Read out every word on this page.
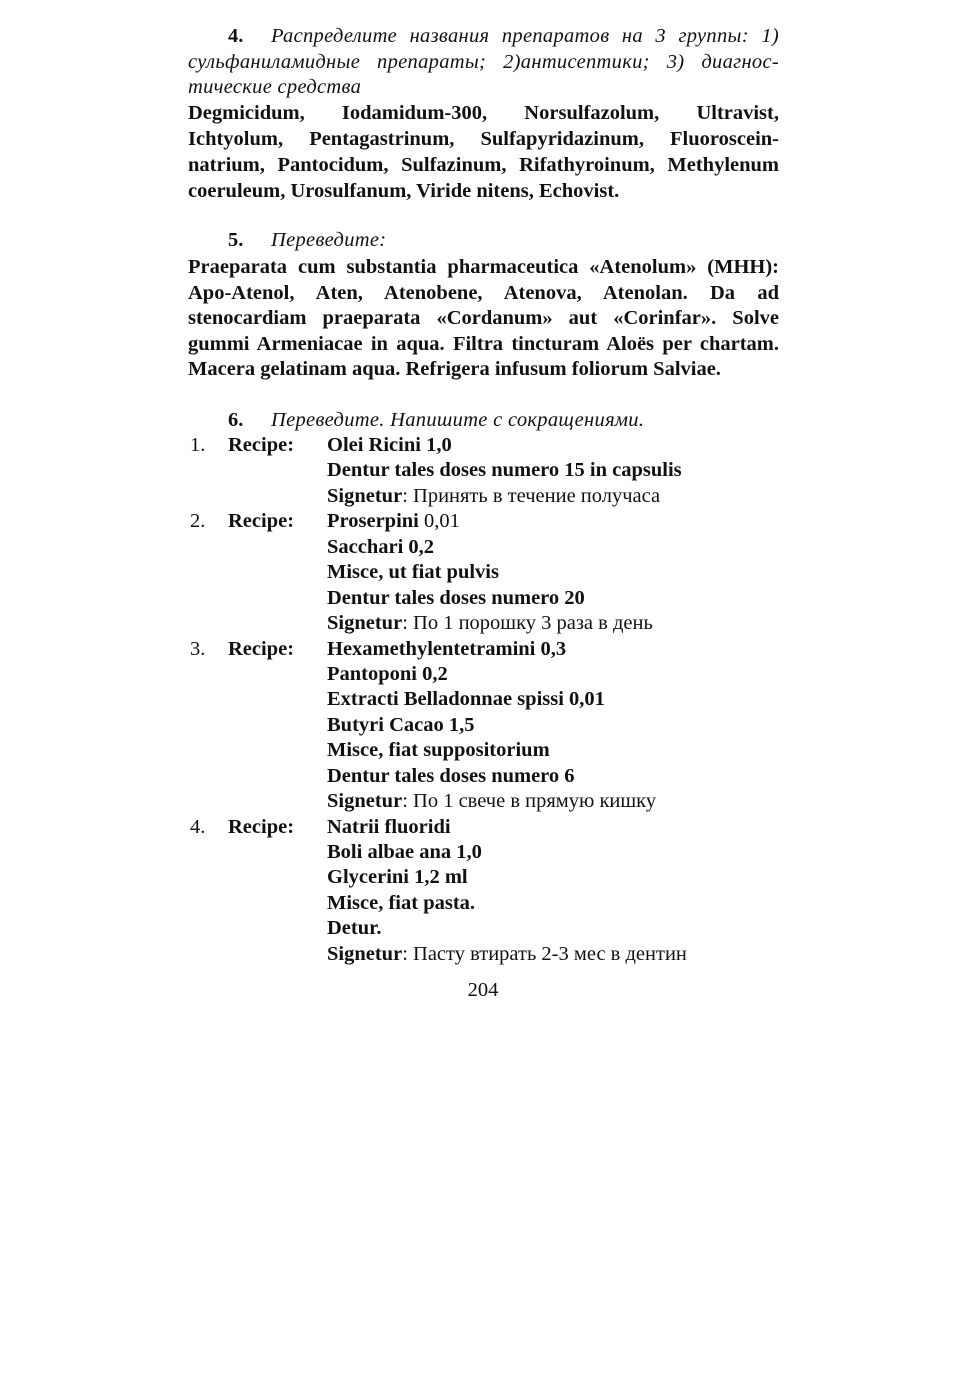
4. Распределите названия препаратов на 3 группы: 1)
сульфаниламидные препараты; 2)антисептики; 3) диагнос-
тические средства
Degmicidum, Iodamidum-300, Norsulfazolum, Ultravist,
Ichtyolum, Pentagastrinum, Sulfapyridazinum, Fluoroscein-
natrium, Pantocidum, Sulfazinum, Rifathyroinum, Methylenum
coeruleum, Urosulfanum, Viride nitens, Echovist.
5. Переведите:
Praeparata cum substantia pharmaceutica «Atenolum» (МНН):
Apo-Atenol, Aten, Atenobene, Atenova, Atenolan. Da ad
stenocardiam praeparata «Cordanum» aut «Corinfar». Solve
gummi Armeniacae in aqua. Filtra tincturam Aloës per chartam.
Macera gelatinam aqua. Refrigera infusum foliorum Salviae.
6. Переведите. Напишите с сокращениями.
1.	Recipe:	Olei Ricini 1,0
Dentur tales doses numero 15 in capsulis
Signetur: Принять в течение получаса
2.	Recipe:	Proserpini 0,01
Sacchari 0,2
Misce, ut fiat pulvis
Dentur tales doses numero 20
Signetur: По 1 порошку 3 раза в день
3.	Recipe:	Hexamethylentetramini 0,3
Pantoponi 0,2
Extracti Belladonnae spissi 0,01
Butyri Cacao 1,5
Misce, fiat suppositorium
Dentur tales doses numero 6
Signetur: По 1 свече в прямую кишку
4.	Recipe:	Natrii fluoridi
Boli albae ana 1,0
Glycerini 1,2 ml
Misce, fiat pasta.
Detur.
Signetur: Пасту втирать 2-3 мес в дентин
204
